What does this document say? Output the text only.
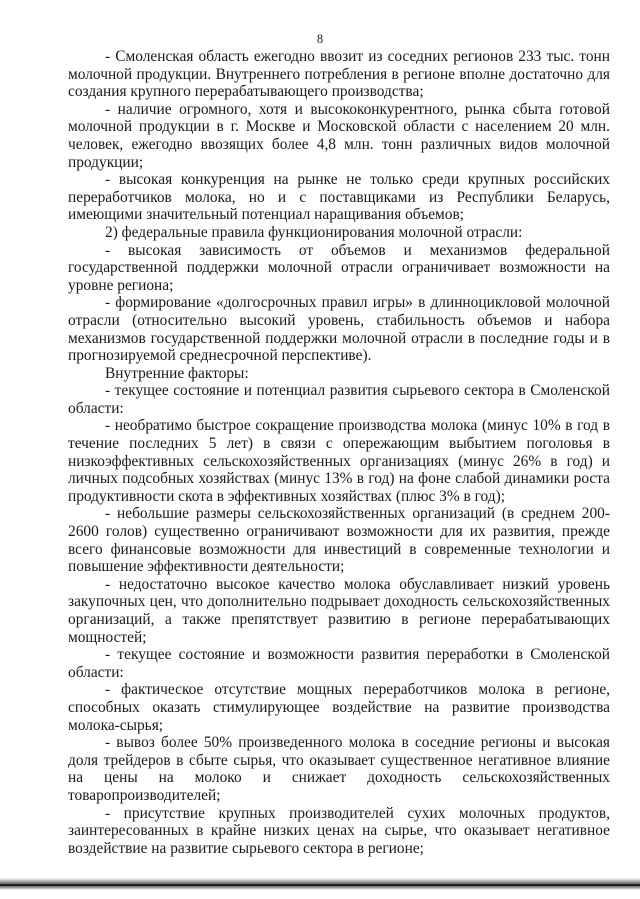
8

- Смоленская область ежегодно ввозит из соседних регионов 233 тыс. тонн молочной продукции. Внутреннего потребления в регионе вполне достаточно для создания крупного перерабатывающего производства;

- наличие огромного, хотя и высококонкурентного, рынка сбыта готовой молочной продукции в г. Москве и Московской области с населением 20 млн. человек, ежегодно ввозящих более 4,8 млн. тонн различных видов молочной продукции;

- высокая конкуренция на рынке не только среди крупных российских переработчиков молока, но и с поставщиками из Республики Беларусь, имеющими значительный потенциал наращивания объемов;

2) федеральные правила функционирования молочной отрасли:

- высокая зависимость от объемов и механизмов федеральной государственной поддержки молочной отрасли ограничивает возможности на уровне региона;

- формирование «долгосрочных правил игры» в длинноцикловой молочной отрасли (относительно высокий уровень, стабильность объемов и набора механизмов государственной поддержки молочной отрасли в последние годы и в прогнозируемой среднесрочной перспективе).

Внутренние факторы:

- текущее состояние и потенциал развития сырьевого сектора в Смоленской области:

- необратимо быстрое сокращение производства молока (минус 10% в год в течение последних 5 лет) в связи с опережающим выбытием поголовья в низкоэффективных сельскохозяйственных организациях (минус 26% в год) и личных подсобных хозяйствах (минус 13% в год) на фоне слабой динамики роста продуктивности скота в эффективных хозяйствах (плюс 3% в год);

- небольшие размеры сельскохозяйственных организаций (в среднем 200-2600 голов) существенно ограничивают возможности для их развития, прежде всего финансовые возможности для инвестиций в современные технологии и повышение эффективности деятельности;

- недостаточно высокое качество молока обуславливает низкий уровень закупочных цен, что дополнительно подрывает доходность сельскохозяйственных организаций, а также препятствует развитию в регионе перерабатывающих мощностей;

- текущее состояние и возможности развития переработки в Смоленской области:

- фактическое отсутствие мощных переработчиков молока в регионе, способных оказать стимулирующее воздействие на развитие производства молока-сырья;

- вывоз более 50% произведенного молока в соседние регионы и высокая доля трейдеров в сбыте сырья, что оказывает существенное негативное влияние на цены на молоко и снижает доходность сельскохозяйственных товаропроизводителей;

- присутствие крупных производителей сухих молочных продуктов, заинтересованных в крайне низких ценах на сырье, что оказывает негативное воздействие на развитие сырьевого сектора в регионе;
